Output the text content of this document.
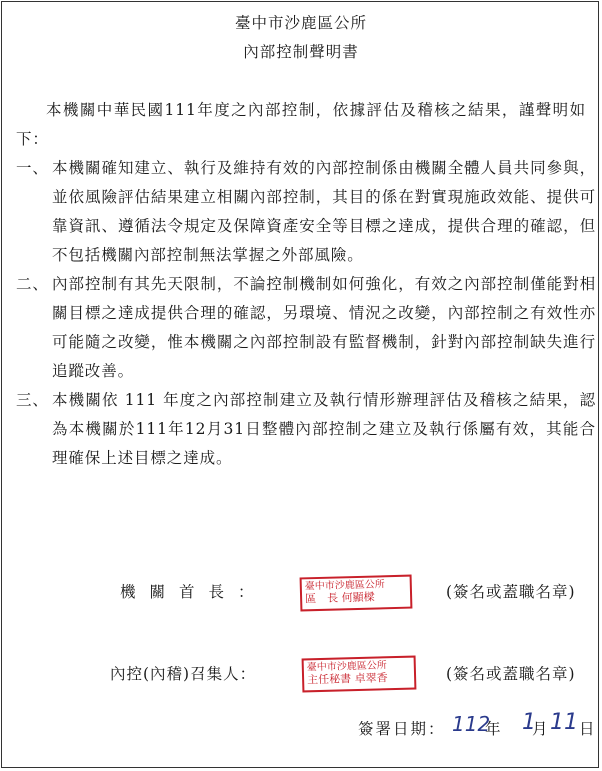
臺中市沙鹿區公所
內部控制聲明書
本機關中華民國111年度之內部控制，依據評估及稽核之結果，謹聲明如下：
一、 本機關確知建立、執行及維持有效的內部控制係由機關全體人員共同參與，並依風險評估結果建立相關內部控制，其目的係在對實現施政效能、提供可靠資訊、遵循法令規定及保障資產安全等目標之達成，提供合理的確認，但不包括機關內部控制無法掌握之外部風險。
二、 內部控制有其先天限制，不論控制機制如何強化，有效之內部控制僅能對相關目標之達成提供合理的確認，另環境、情況之改變，內部控制之有效性亦可能隨之改變，惟本機關之內部控制設有監督機制，針對內部控制缺失進行追蹤改善。
三、 本機關依 111 年度之內部控制建立及執行情形辦理評估及稽核之結果，認為本機關於111年12月31日整體內部控制之建立及執行係屬有效，其能合理確保上述目標之達成。
機關首長：	臺中市沙鹿區公所
區　長 何顯樑	(簽名或蓋職名章)
內控(內稽)召集人：	臺中市沙鹿區公所
主任秘書 卓翠香	(簽名或蓋職名章)
簽署日期： 112
年 1
月 11 日
